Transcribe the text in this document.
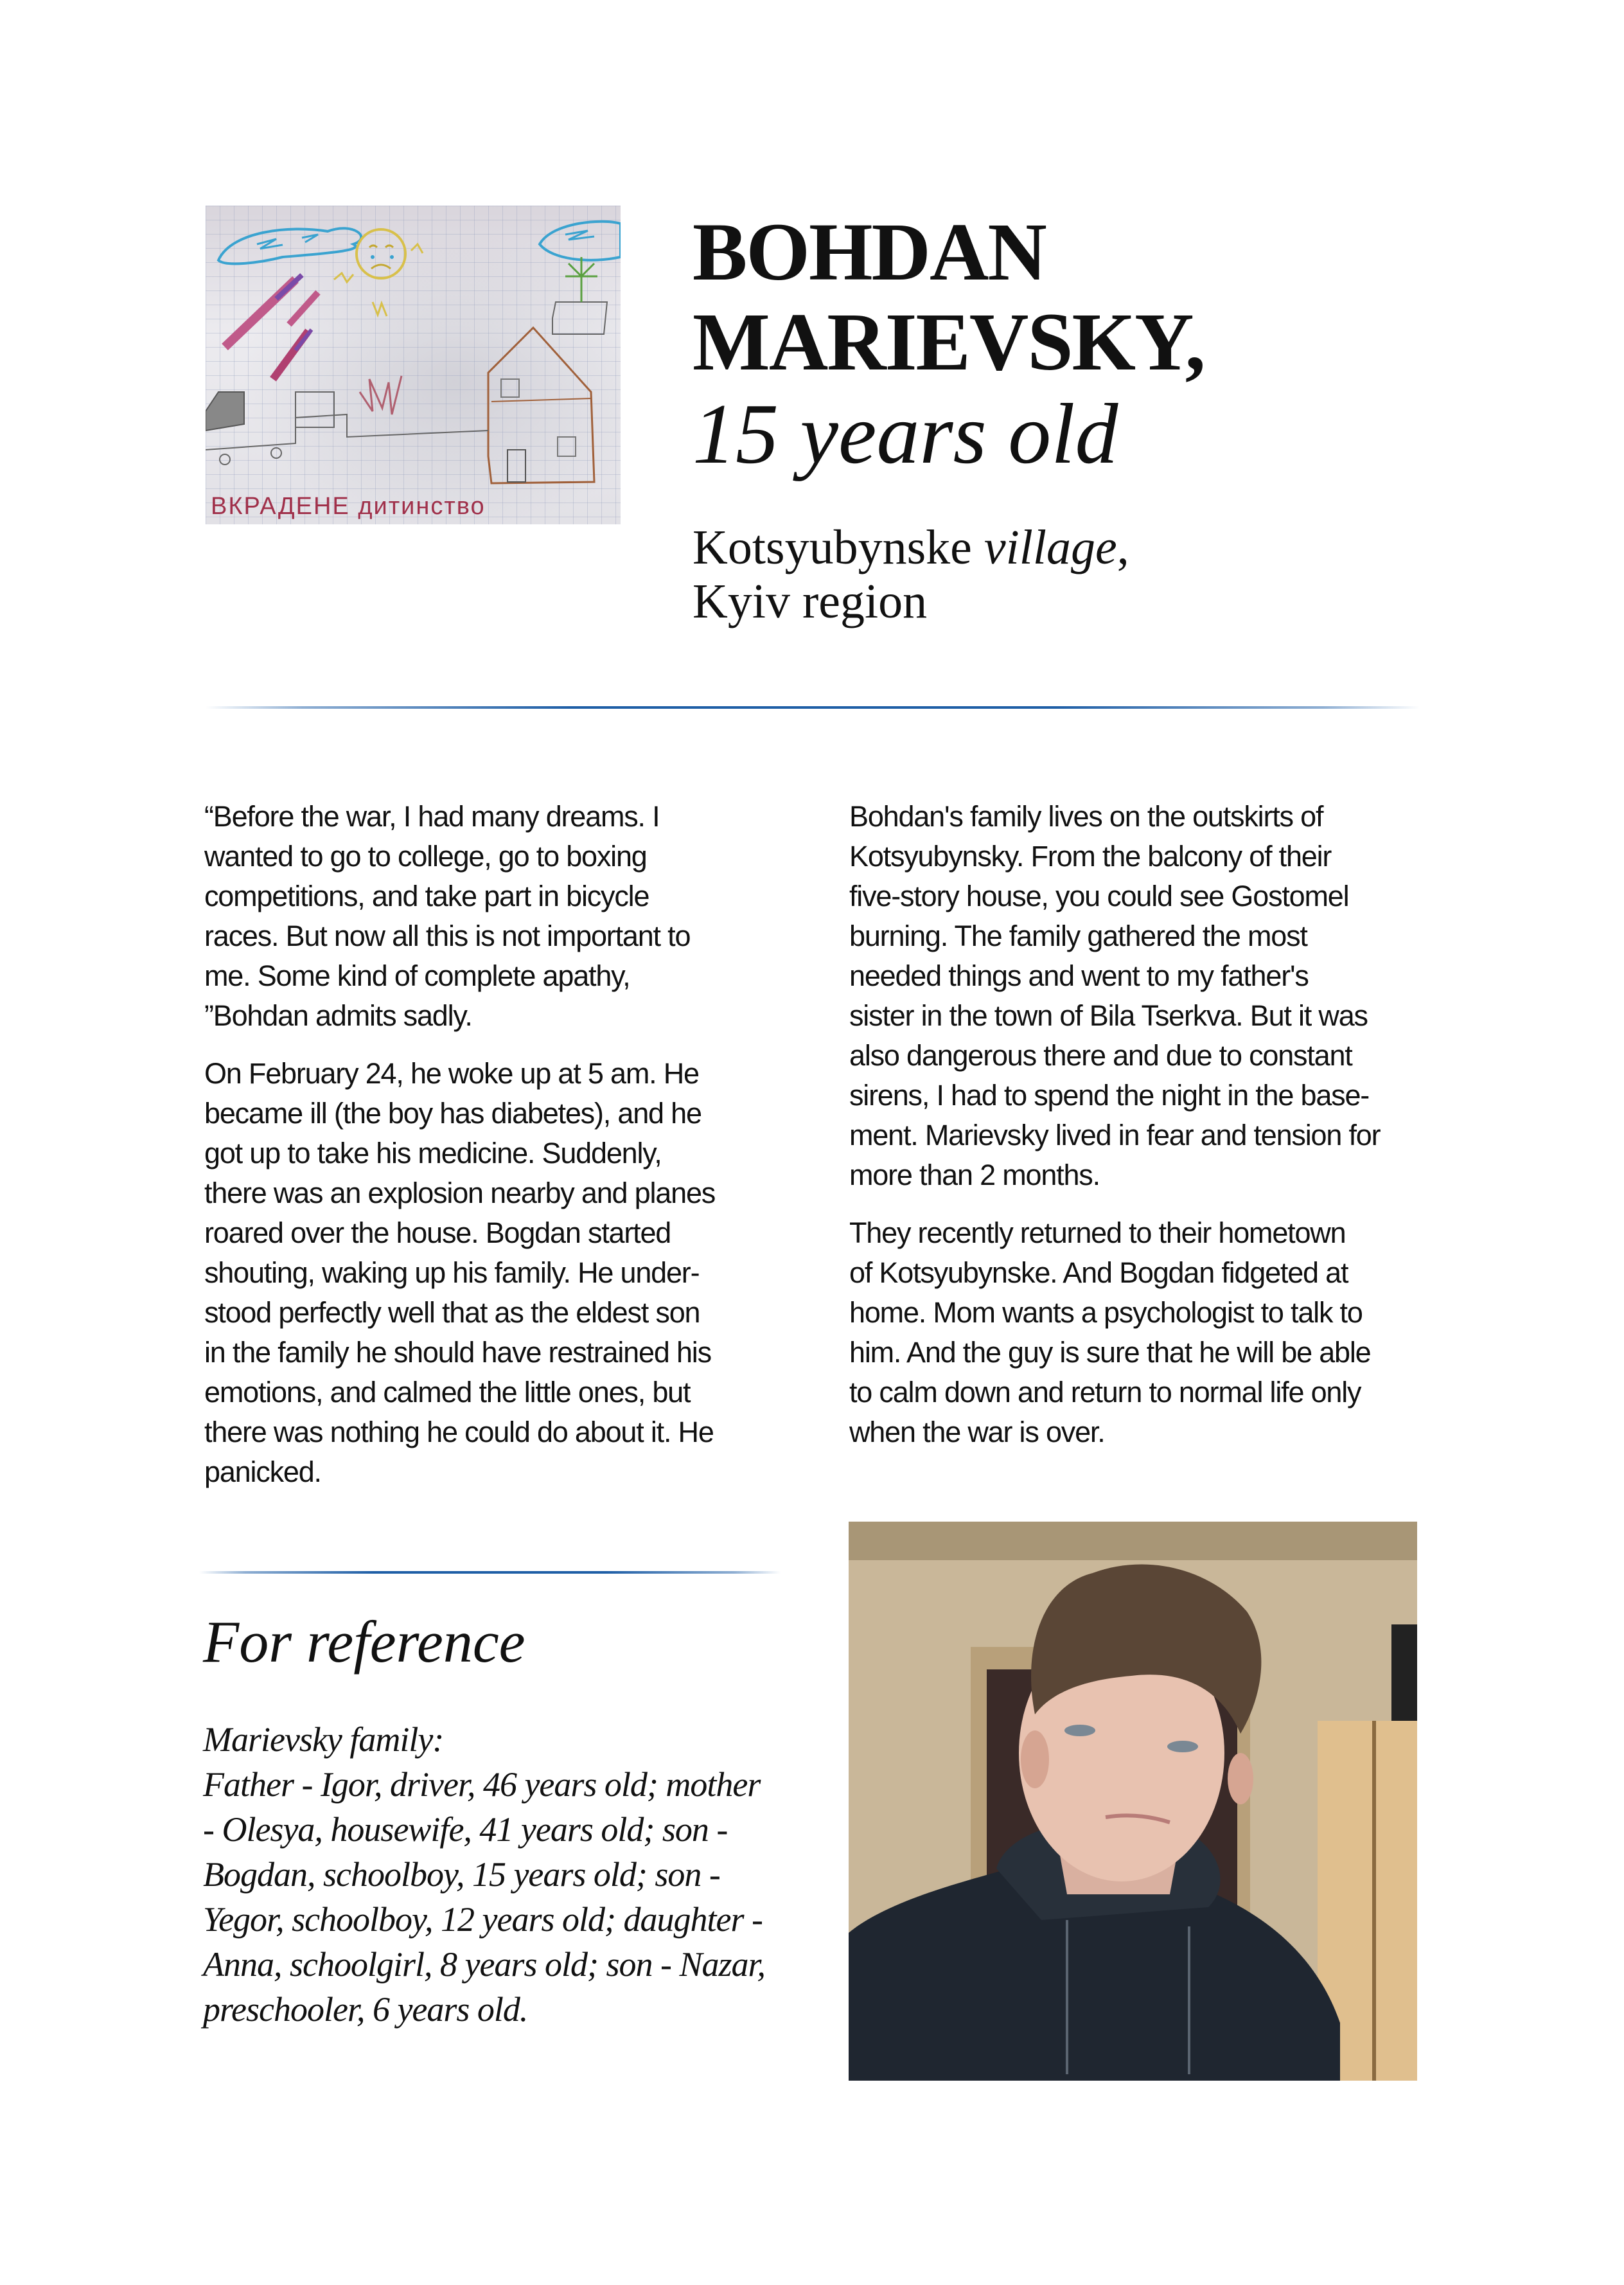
ВКРАДЕНЕ дитинство
BOHDAN
MARIEVSKY,
15 years old
Kotsyubynske village,
Kyiv region
“Before the war, I had many dreams. I
wanted to go to college, go to boxing
competitions, and take part in bicycle
races. But now all this is not important to
me. Some kind of complete apathy,
”Bohdan admits sadly.
On February 24, he woke up at 5 am. He
became ill (the boy has diabetes), and he
got up to take his medicine. Suddenly,
there was an explosion nearby and planes
roared over the house. Bogdan started
shouting, waking up his family. He under-
stood perfectly well that as the eldest son
in the family he should have restrained his
emotions, and calmed the little ones, but
there was nothing he could do about it. He
panicked.
Bohdan's family lives on the outskirts of
Kotsyubynsky. From the balcony of their
five-story house, you could see Gostomel
burning. The family gathered the most
needed things and went to my father's
sister in the town of Bila Tserkva. But it was
also dangerous there and due to constant
sirens, I had to spend the night in the base-
ment. Marievsky lived in fear and tension for
more than 2 months.
They recently returned to their hometown
of Kotsyubynske. And Bogdan fidgeted at
home. Mom wants a psychologist to talk to
him. And the guy is sure that he will be able
to calm down and return to normal life only
when the war is over.
For reference
Marievsky family:
Father - Igor, driver, 46 years old; mother
- Olesya, housewife, 41 years old; son -
Bogdan, schoolboy, 15 years old; son -
Yegor, schoolboy, 12 years old; daughter -
Anna, schoolgirl, 8 years old; son - Nazar,
preschooler, 6 years old.
